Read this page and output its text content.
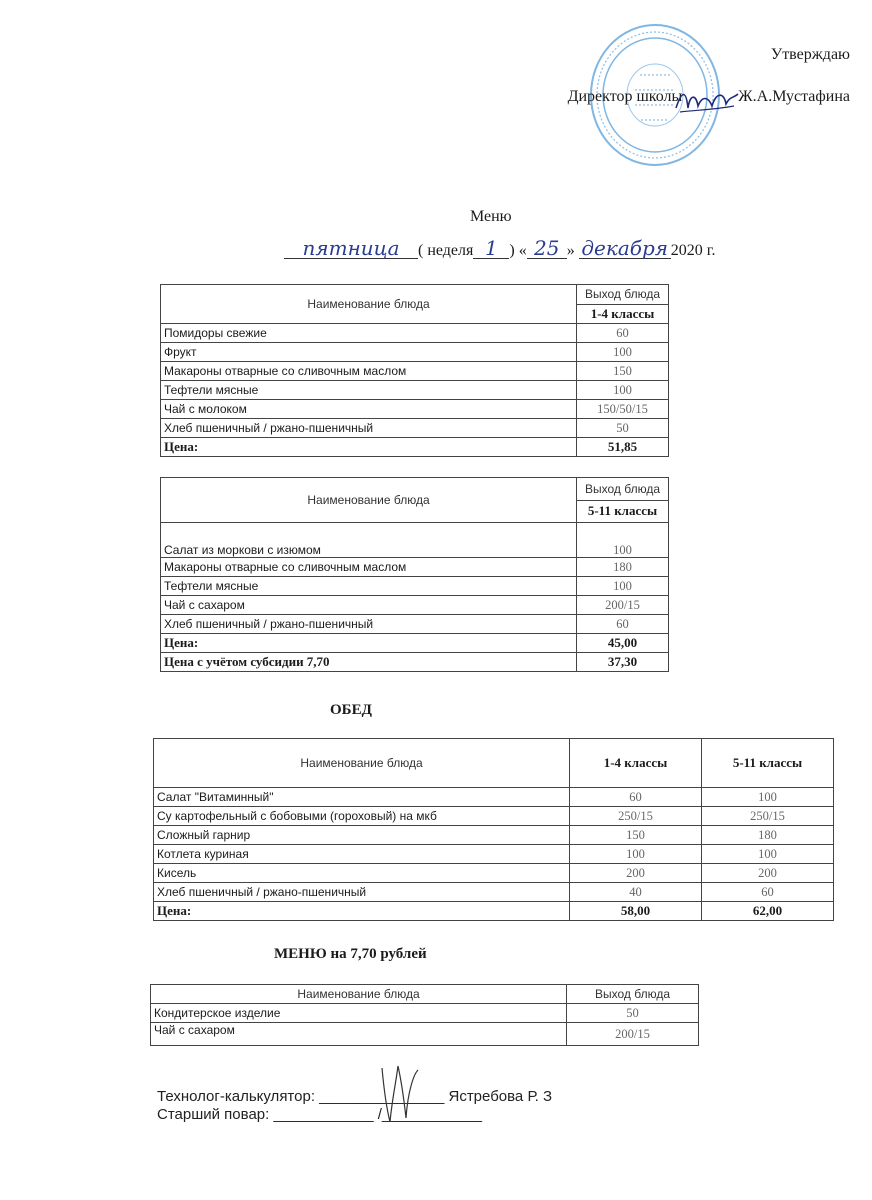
Утверждаю
Директор школы	Ж.А.Мустафина
Меню
пятница ( неделя 1 ) « 25 » декабря 2020 г.
Наименование блюда	Выход блюда
	1-4 классы
Помидоры свежие	60
Фрукт	100
Макароны отварные со сливочным маслом	150
Тефтели мясные	100
Чай с молоком	150/50/15
Хлеб пшеничный / ржано-пшеничный	50
Цена:	51,85
Наименование блюда	Выход блюда
	5-11 классы
Салат из моркови с изюмом	100
Макароны отварные со сливочным маслом	180
Тефтели мясные	100
Чай с сахаром	200/15
Хлеб пшеничный / ржано-пшеничный	60
Цена:	45,00
Цена с учётом субсидии 7,70	37,30
ОБЕД
Наименование блюда	1-4 классы	5-11 классы
Салат "Витаминный"	60	100
Су картофельный с бобовыми (гороховый) на мкб	250/15	250/15
Сложный гарнир	150	180
Котлета куриная	100	100
Кисель	200	200
Хлеб пшеничный / ржано-пшеничный	40	60
Цена:	58,00	62,00
МЕНЮ на 7,70 рублей
Наименование блюда	Выход блюда
Кондитерское изделие	50
Чай с сахаром	200/15
Технолог-калькулятор: _______________ Ястребова Р. З
Старший повар: ____________ /____________
